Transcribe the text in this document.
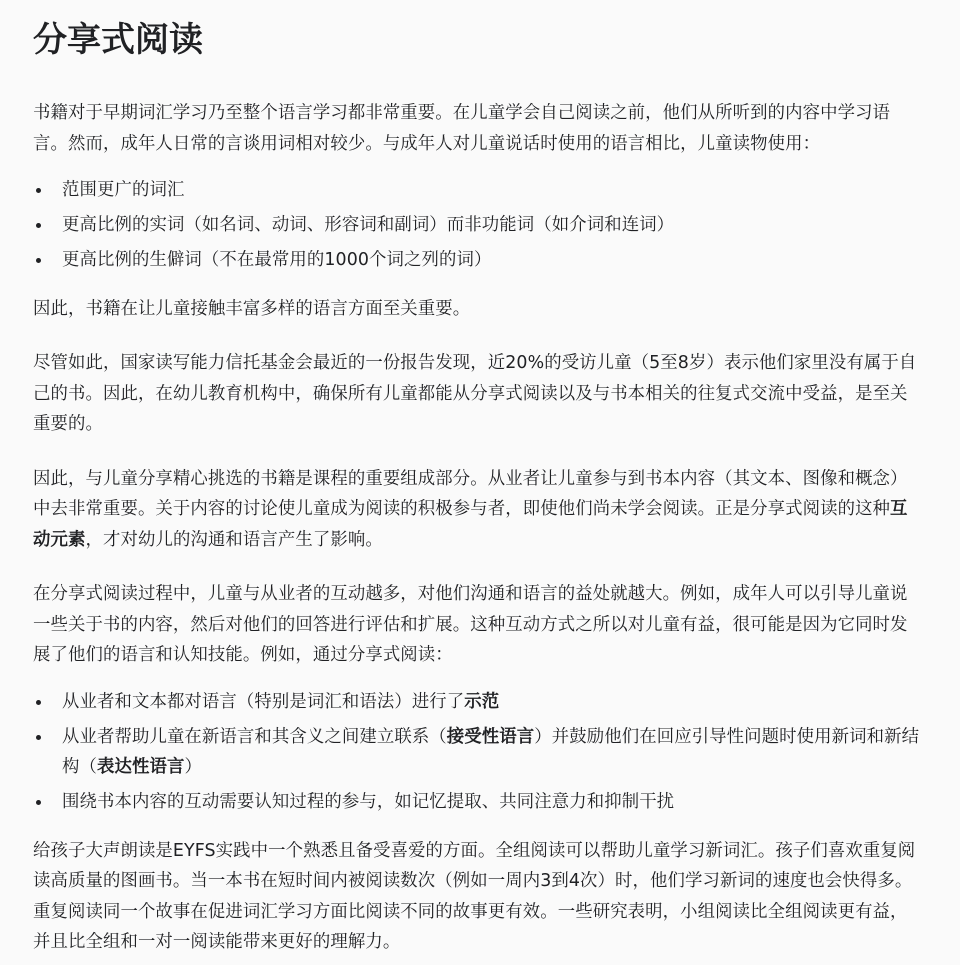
分享式阅读

书籍对于早期词汇学习乃至整个语言学习都非常重要。在儿童学会自己阅读之前，他们从所听到的内容中学习语言。然而，成年人日常的言谈用词相对较少。与成年人对儿童说话时使用的语言相比，儿童读物使用：

范围更广的词汇
更高比例的实词（如名词、动词、形容词和副词）而非功能词（如介词和连词）
更高比例的生僻词（不在最常用的1000个词之列的词）

因此，书籍在让儿童接触丰富多样的语言方面至关重要。

尽管如此，国家读写能力信托基金会最近的一份报告发现，近20%的受访儿童（5至8岁）表示他们家里没有属于自己的书。因此，在幼儿教育机构中，确保所有儿童都能从分享式阅读以及与书本相关的往复式交流中受益，是至关重要的。

因此，与儿童分享精心挑选的书籍是课程的重要组成部分。从业者让儿童参与到书本内容（其文本、图像和概念）中去非常重要。关于内容的讨论使儿童成为阅读的积极参与者，即使他们尚未学会阅读。正是分享式阅读的这种互动元素，才对幼儿的沟通和语言产生了影响。

在分享式阅读过程中，儿童与从业者的互动越多，对他们沟通和语言的益处就越大。例如，成年人可以引导儿童说一些关于书的内容，然后对他们的回答进行评估和扩展。这种互动方式之所以对儿童有益，很可能是因为它同时发展了他们的语言和认知技能。例如，通过分享式阅读：

从业者和文本都对语言（特别是词汇和语法）进行了示范
从业者帮助儿童在新语言和其含义之间建立联系（接受性语言）并鼓励他们在回应引导性问题时使用新词和新结构（表达性语言）
围绕书本内容的互动需要认知过程的参与，如记忆提取、共同注意力和抑制干扰

给孩子大声朗读是EYFS实践中一个熟悉且备受喜爱的方面。全组阅读可以帮助儿童学习新词汇。孩子们喜欢重复阅读高质量的图画书。当一本书在短时间内被阅读数次（例如一周内3到4次）时，他们学习新词的速度也会快得多。重复阅读同一个故事在促进词汇学习方面比阅读不同的故事更有效。一些研究表明，小组阅读比全组阅读更有益，并且比全组和一对一阅读能带来更好的理解力。
